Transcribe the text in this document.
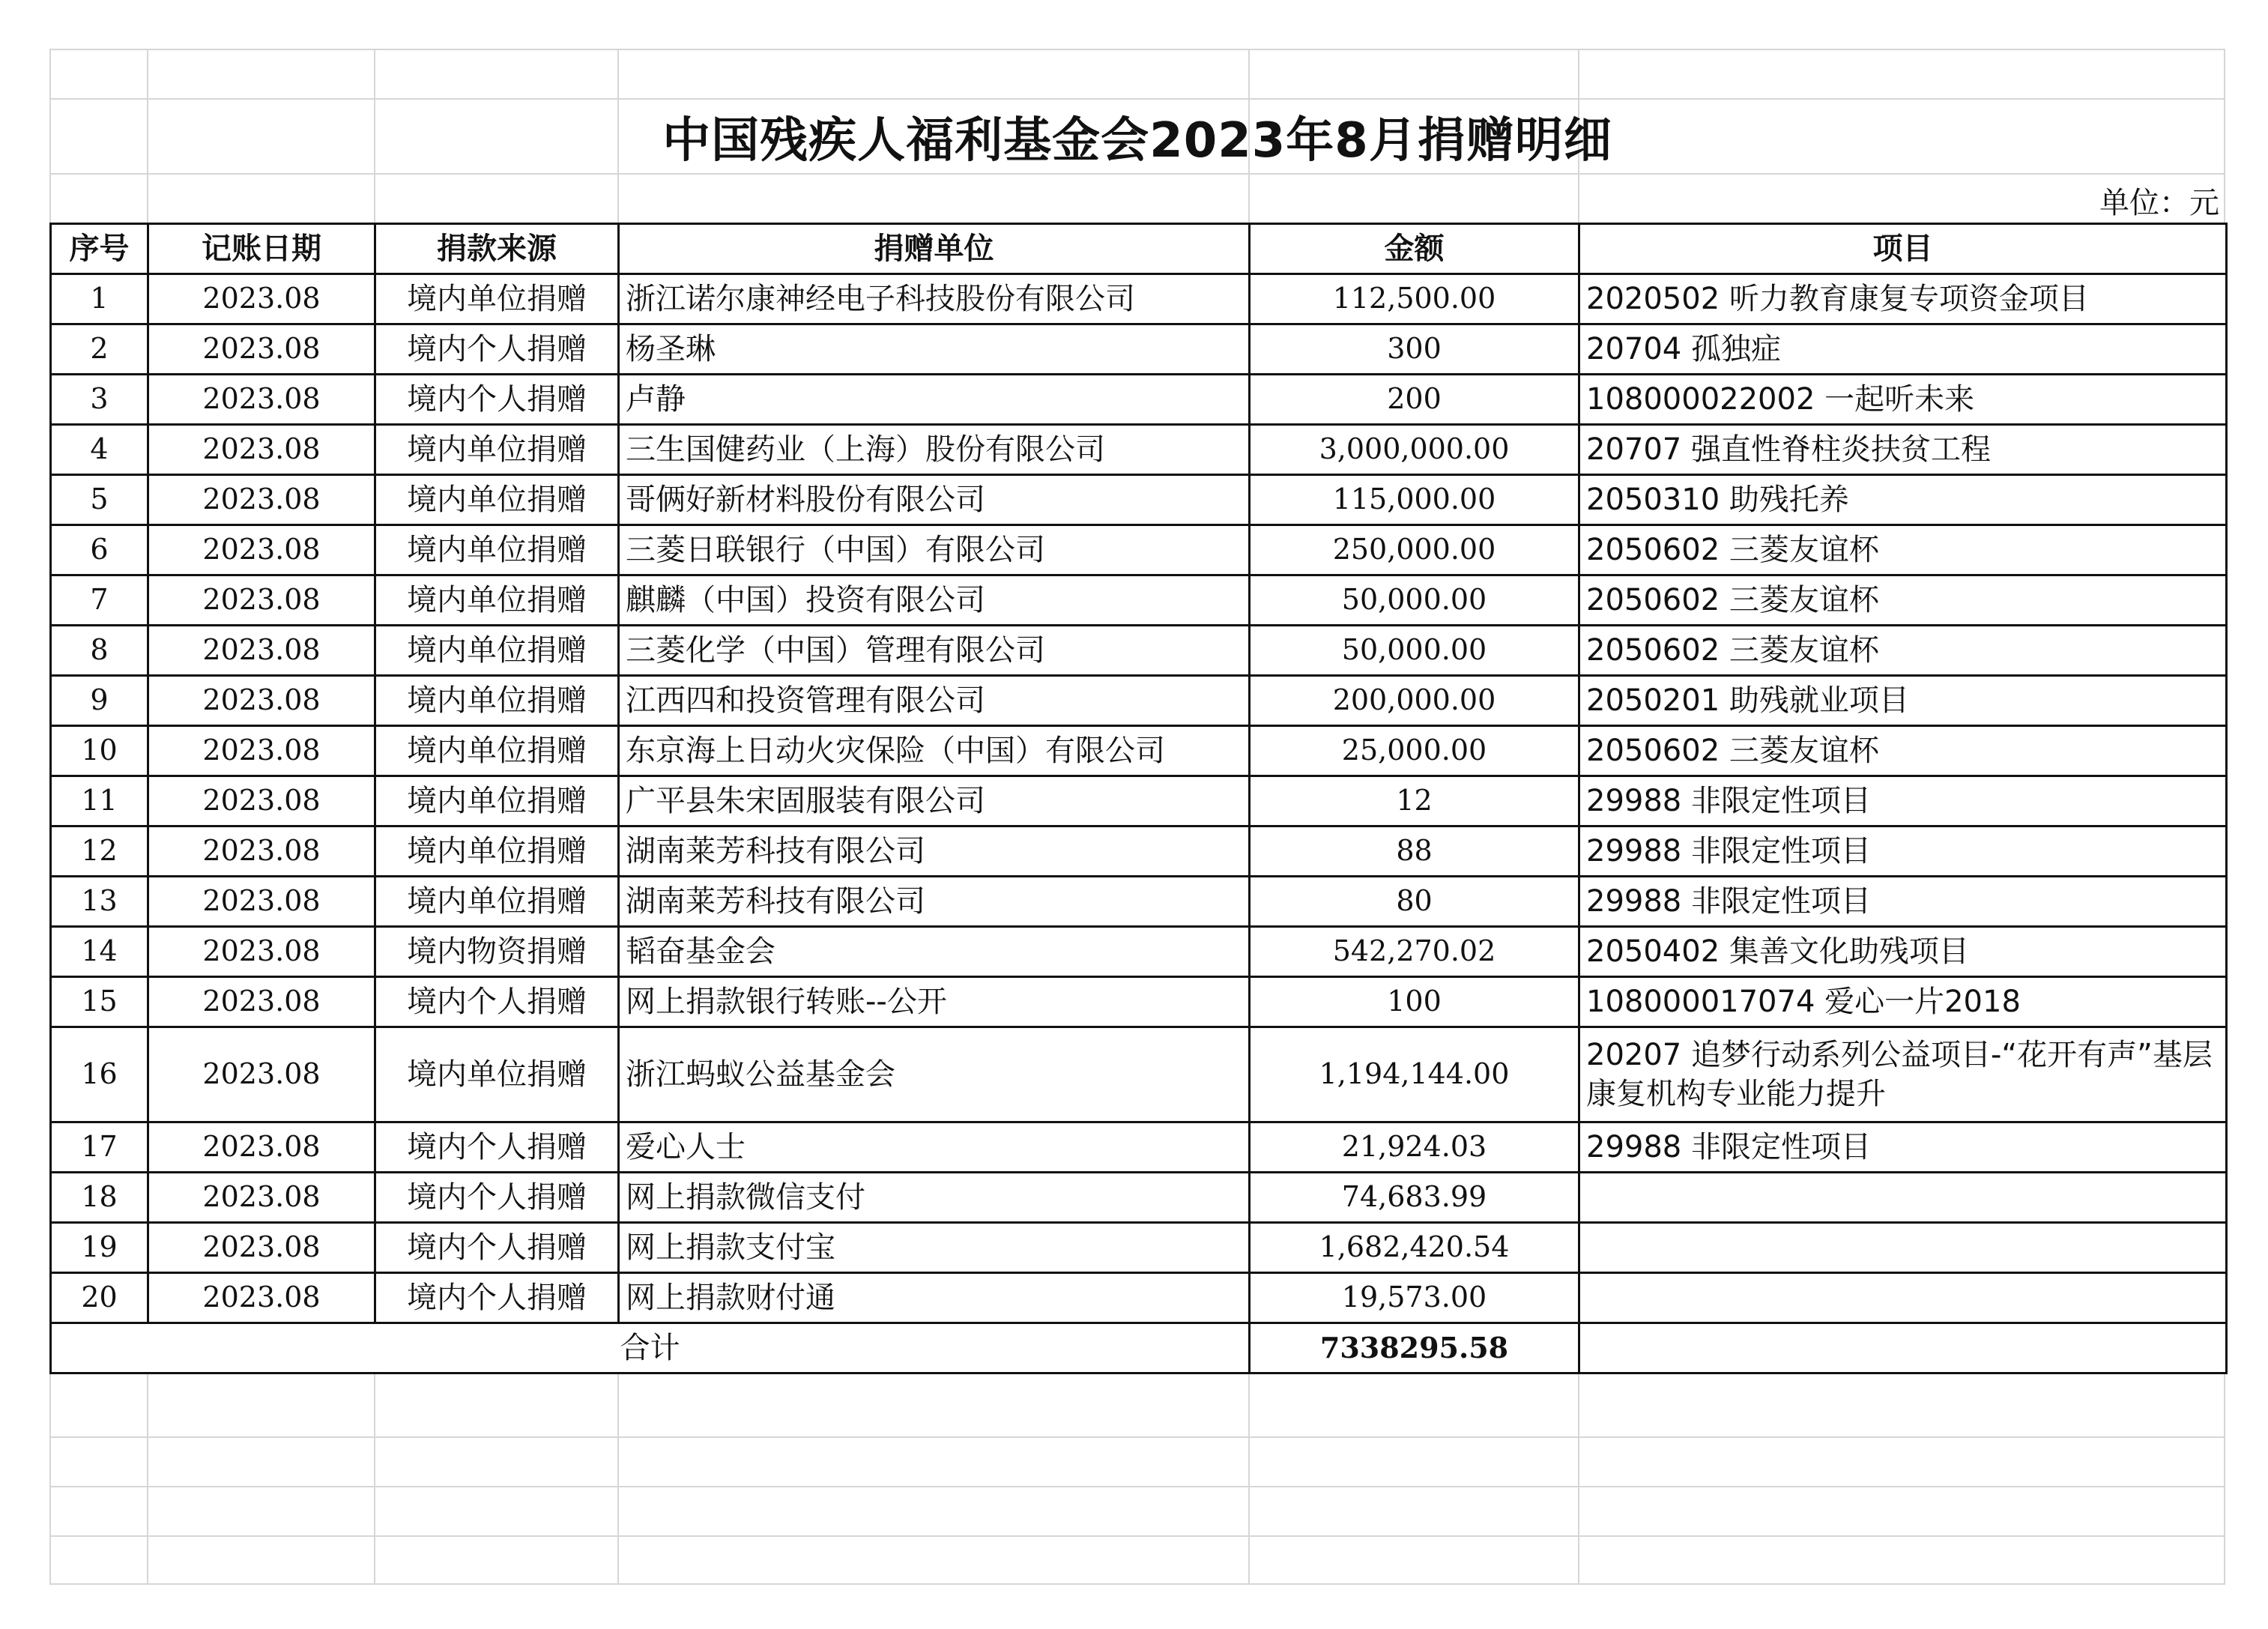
中国残疾人福利基金会2023年8月捐赠明细
单位：元
序号	记账日期	捐款来源	捐赠单位	金额	项目
1	2023.08	境内单位捐赠	浙江诺尔康神经电子科技股份有限公司	112,500.00	2020502 听力教育康复专项资金项目
2	2023.08	境内个人捐赠	杨圣琳	300	20704 孤独症
3	2023.08	境内个人捐赠	卢静	200	108000022002 一起听未来
4	2023.08	境内单位捐赠	三生国健药业（上海）股份有限公司	3,000,000.00	20707 强直性脊柱炎扶贫工程
5	2023.08	境内单位捐赠	哥俩好新材料股份有限公司	115,000.00	2050310 助残托养
6	2023.08	境内单位捐赠	三菱日联银行（中国）有限公司	250,000.00	2050602 三菱友谊杯
7	2023.08	境内单位捐赠	麒麟（中国）投资有限公司	50,000.00	2050602 三菱友谊杯
8	2023.08	境内单位捐赠	三菱化学（中国）管理有限公司	50,000.00	2050602 三菱友谊杯
9	2023.08	境内单位捐赠	江西四和投资管理有限公司	200,000.00	2050201 助残就业项目
10	2023.08	境内单位捐赠	东京海上日动火灾保险（中国）有限公司	25,000.00	2050602 三菱友谊杯
11	2023.08	境内单位捐赠	广平县朱宋固服装有限公司	12	29988 非限定性项目
12	2023.08	境内单位捐赠	湖南莱芳科技有限公司	88	29988 非限定性项目
13	2023.08	境内单位捐赠	湖南莱芳科技有限公司	80	29988 非限定性项目
14	2023.08	境内物资捐赠	韬奋基金会	542,270.02	2050402 集善文化助残项目
15	2023.08	境内个人捐赠	网上捐款银行转账--公开	100	108000017074 爱心一片2018
16	2023.08	境内单位捐赠	浙江蚂蚁公益基金会	1,194,144.00	20207 追梦行动系列公益项目-“花开有声”基层康复机构专业能力提升
17	2023.08	境内个人捐赠	爱心人士	21,924.03	29988 非限定性项目
18	2023.08	境内个人捐赠	网上捐款微信支付	74,683.99	
19	2023.08	境内个人捐赠	网上捐款支付宝	1,682,420.54	
20	2023.08	境内个人捐赠	网上捐款财付通	19,573.00	
合计				7338295.58	
